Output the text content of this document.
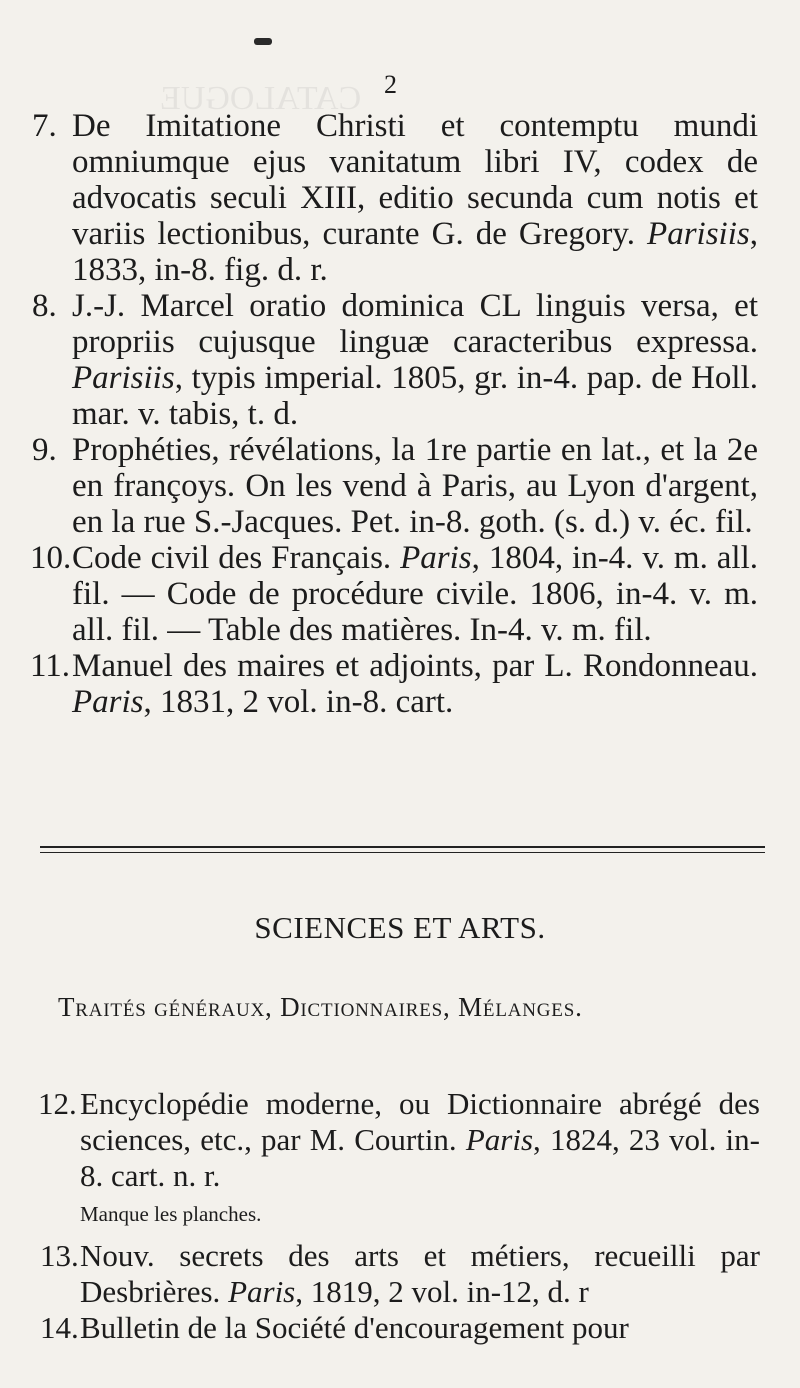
2
CATALOGUE
7. De Imitatione Christi et contemptu mundi omniumque ejus vanitatum libri IV, codex de advocatis seculi XIII, editio secunda cum notis et variis lectionibus, curante G. de Gregory. Parisiis, 1833, in-8. fig. d. r.
8. J.-J. Marcel oratio dominica CL linguis versa, et propriis cujusque linguæ caracteribus expressa. Parisiis, typis imperial. 1805, gr. in-4. pap. de Holl. mar. v. tabis, t. d.
9. Prophéties, révélations, la 1re partie en lat., et la 2e en françoys. On les vend à Paris, au Lyon d'argent, en la rue S.-Jacques. Pet. in-8. goth. (s. d.) v. éc. fil.
10. Code civil des Français. Paris, 1804, in-4. v. m. all. fil. — Code de procédure civile. 1806, in-4. v. m. all. fil. — Table des matières. In-4. v. m. fil.
11. Manuel des maires et adjoints, par L. Rondonneau. Paris, 1831, 2 vol. in-8. cart.
SCIENCES ET ARTS.
Traités généraux, Dictionnaires, Mélanges.
12. Encyclopédie moderne, ou Dictionnaire abrégé des sciences, etc., par M. Courtin. Paris, 1824, 23 vol. in-8. cart. n. r.
Manque les planches.
13. Nouv. secrets des arts et métiers, recueilli par Desbrières. Paris, 1819, 2 vol. in-12, d. r
14. Bulletin de la Société d'encouragement pour
